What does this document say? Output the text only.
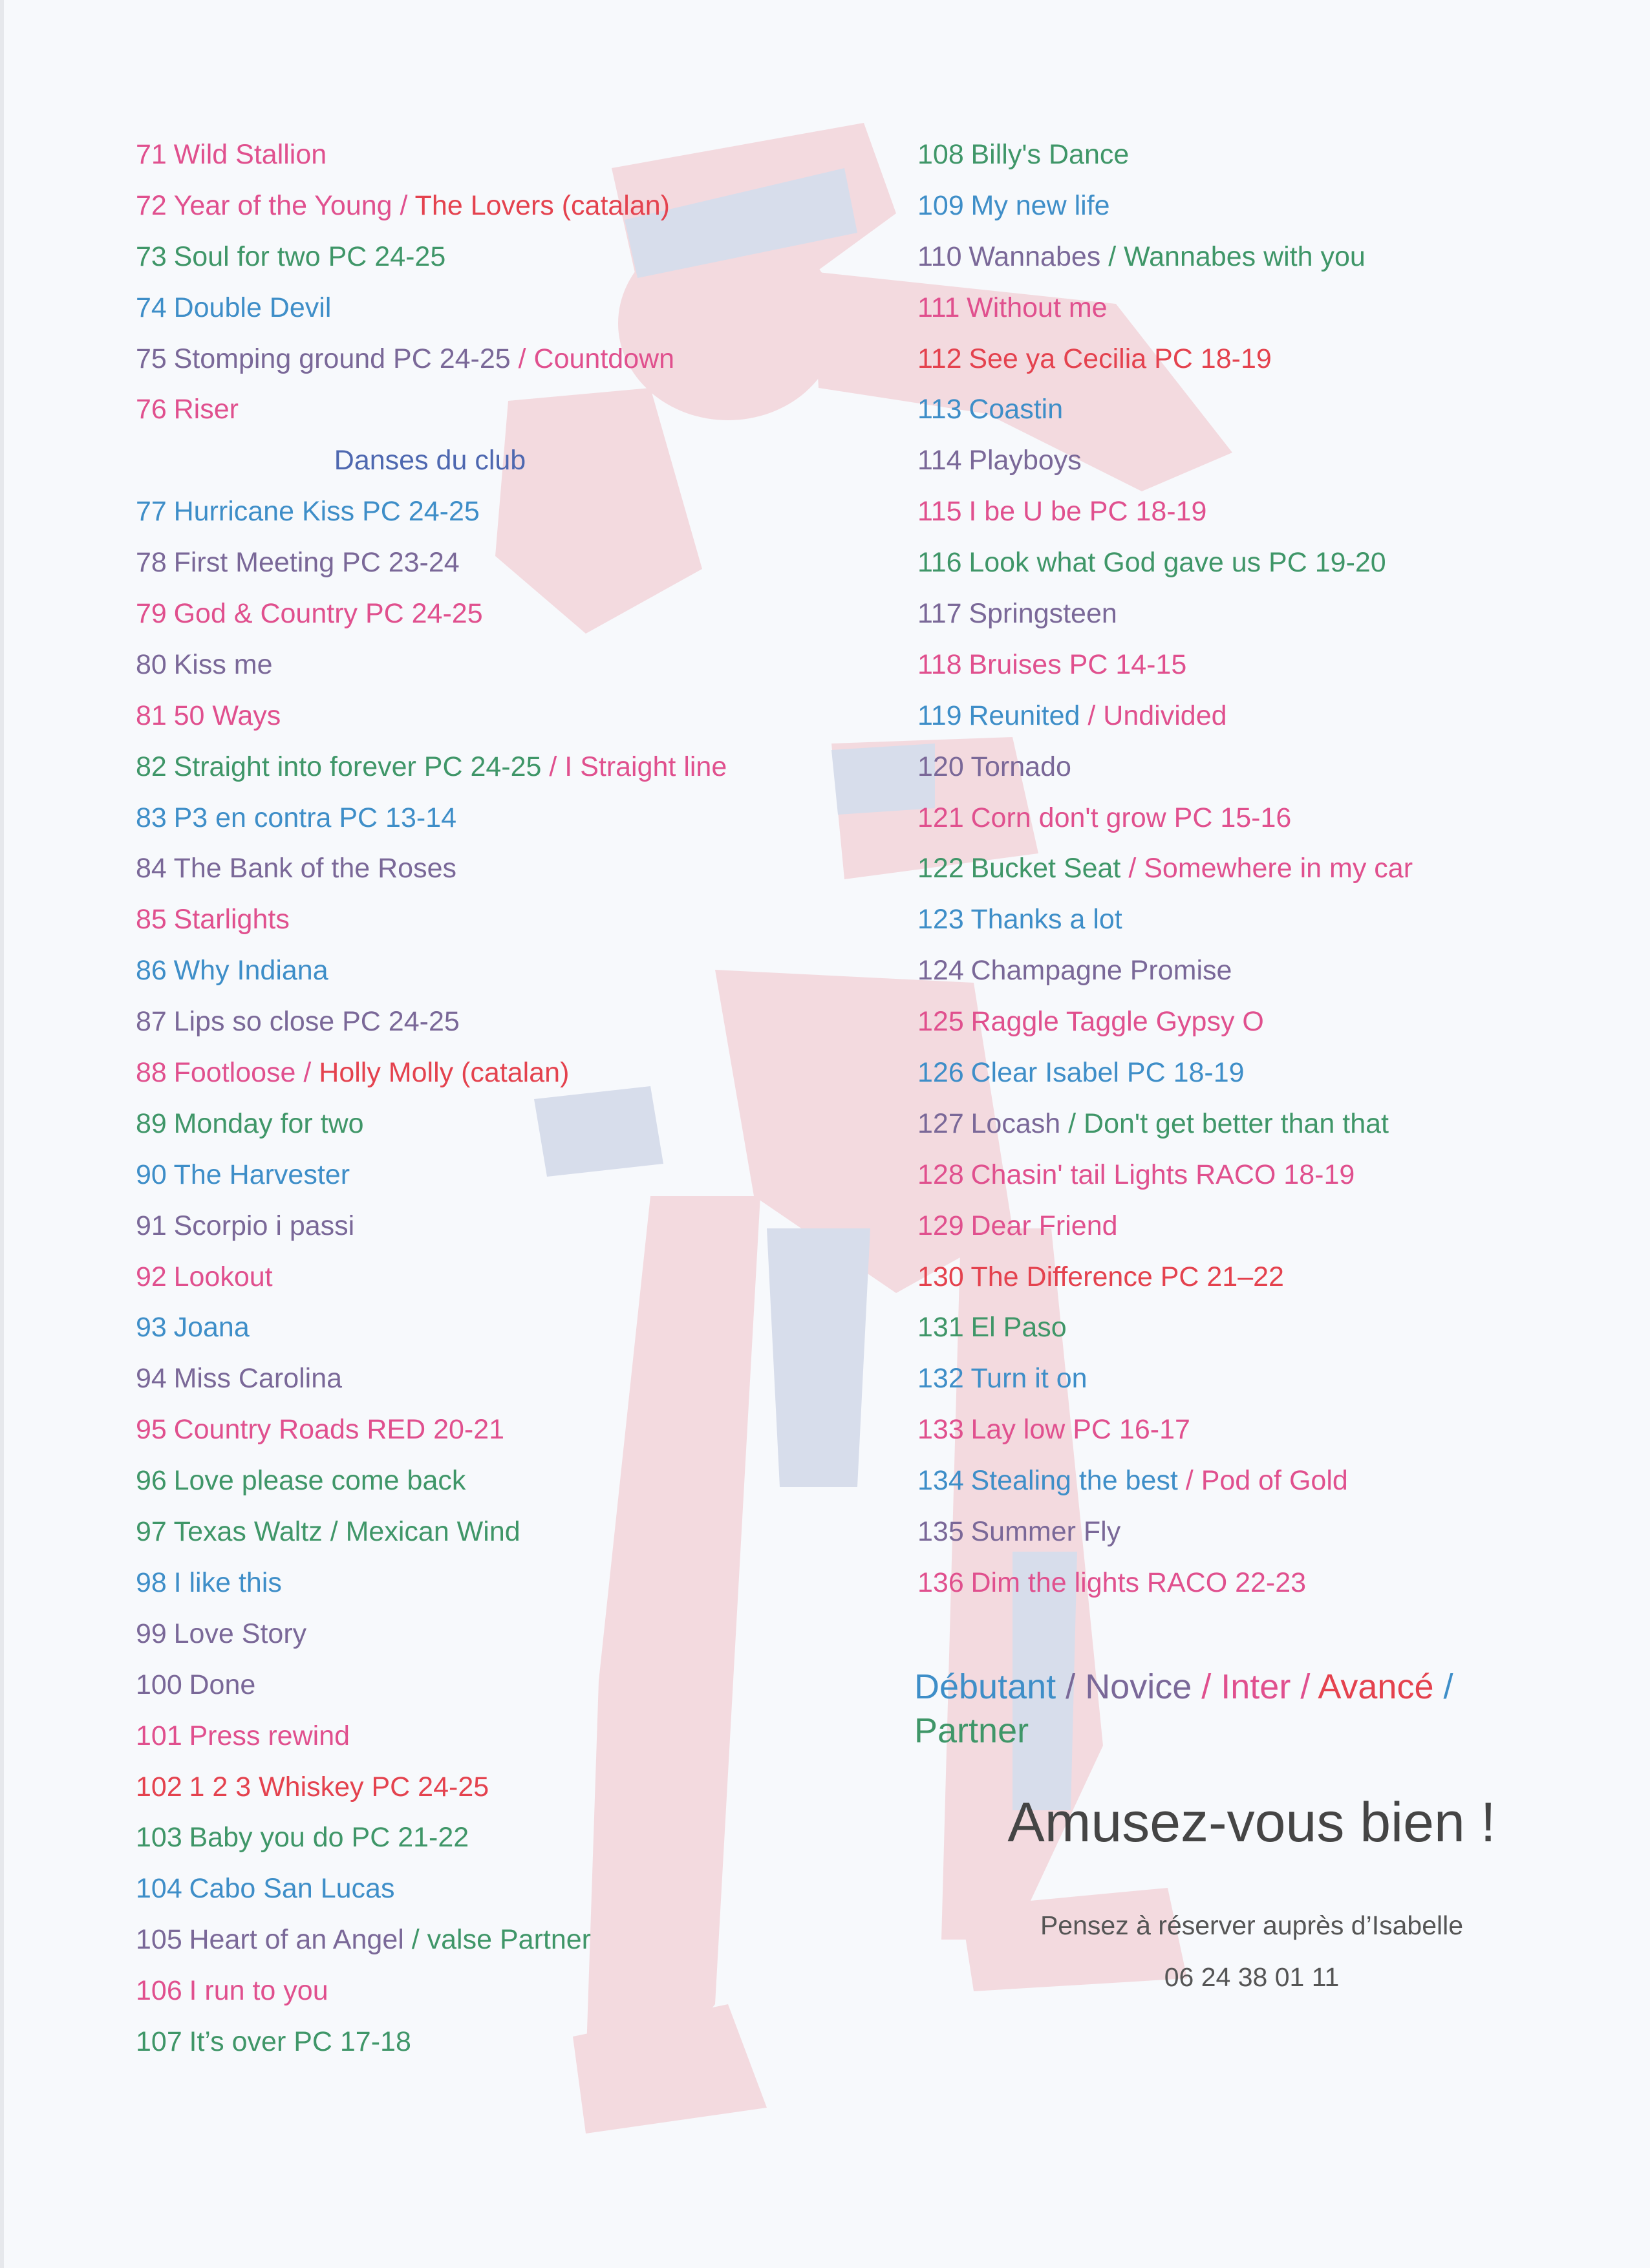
71 Wild Stallion
72 Year of the Young / The Lovers (catalan)
73 Soul for two PC 24-25
74 Double Devil
75 Stomping ground PC 24-25 / Countdown
76 Riser
Danses du club
77 Hurricane Kiss PC 24-25
78 First Meeting PC 23-24
79 God & Country PC 24-25
80 Kiss me
81 50 Ways
82 Straight into forever PC 24-25 / I Straight line
83 P3 en contra PC 13-14
84 The Bank of the Roses
85 Starlights
86 Why Indiana
87 Lips so close PC 24-25
88 Footloose / Holly Molly (catalan)
89 Monday for two
90 The Harvester
91 Scorpio i passi
92 Lookout
93 Joana
94 Miss Carolina
95 Country Roads RED 20-21
96 Love please come back
97 Texas Waltz / Mexican Wind
98 I like this
99 Love Story
100 Done
101 Press rewind
102 1 2 3 Whiskey PC 24-25
103 Baby you do PC 21-22
104 Cabo San Lucas
105 Heart of an Angel / valse Partner
106 I run to you
107 It’s over PC 17-18
108 Billy's Dance
109 My new life
110 Wannabes / Wannabes with you
111 Without me
112 See ya Cecilia PC 18-19
113 Coastin
114 Playboys
115 I be U be PC 18-19
116 Look what God gave us PC 19-20
117 Springsteen
118 Bruises PC 14-15
119 Reunited / Undivided
120 Tornado
121 Corn don't grow PC 15-16
122 Bucket Seat / Somewhere in my car
123 Thanks a lot
124 Champagne Promise
125 Raggle Taggle Gypsy O
126 Clear Isabel PC 18-19
127 Locash / Don't get better than that
128 Chasin' tail Lights RACO 18-19
129 Dear Friend
130 The Difference PC 21–22
131 El Paso
132 Turn it on
133 Lay low PC 16-17
134 Stealing the best / Pod of Gold
135 Summer Fly
136 Dim the lights RACO 22-23
Débutant / Novice / Inter / Avancé /
Partner
Amusez-vous bien !
Pensez à réserver auprès d’Isabelle
06 24 38 01 11
